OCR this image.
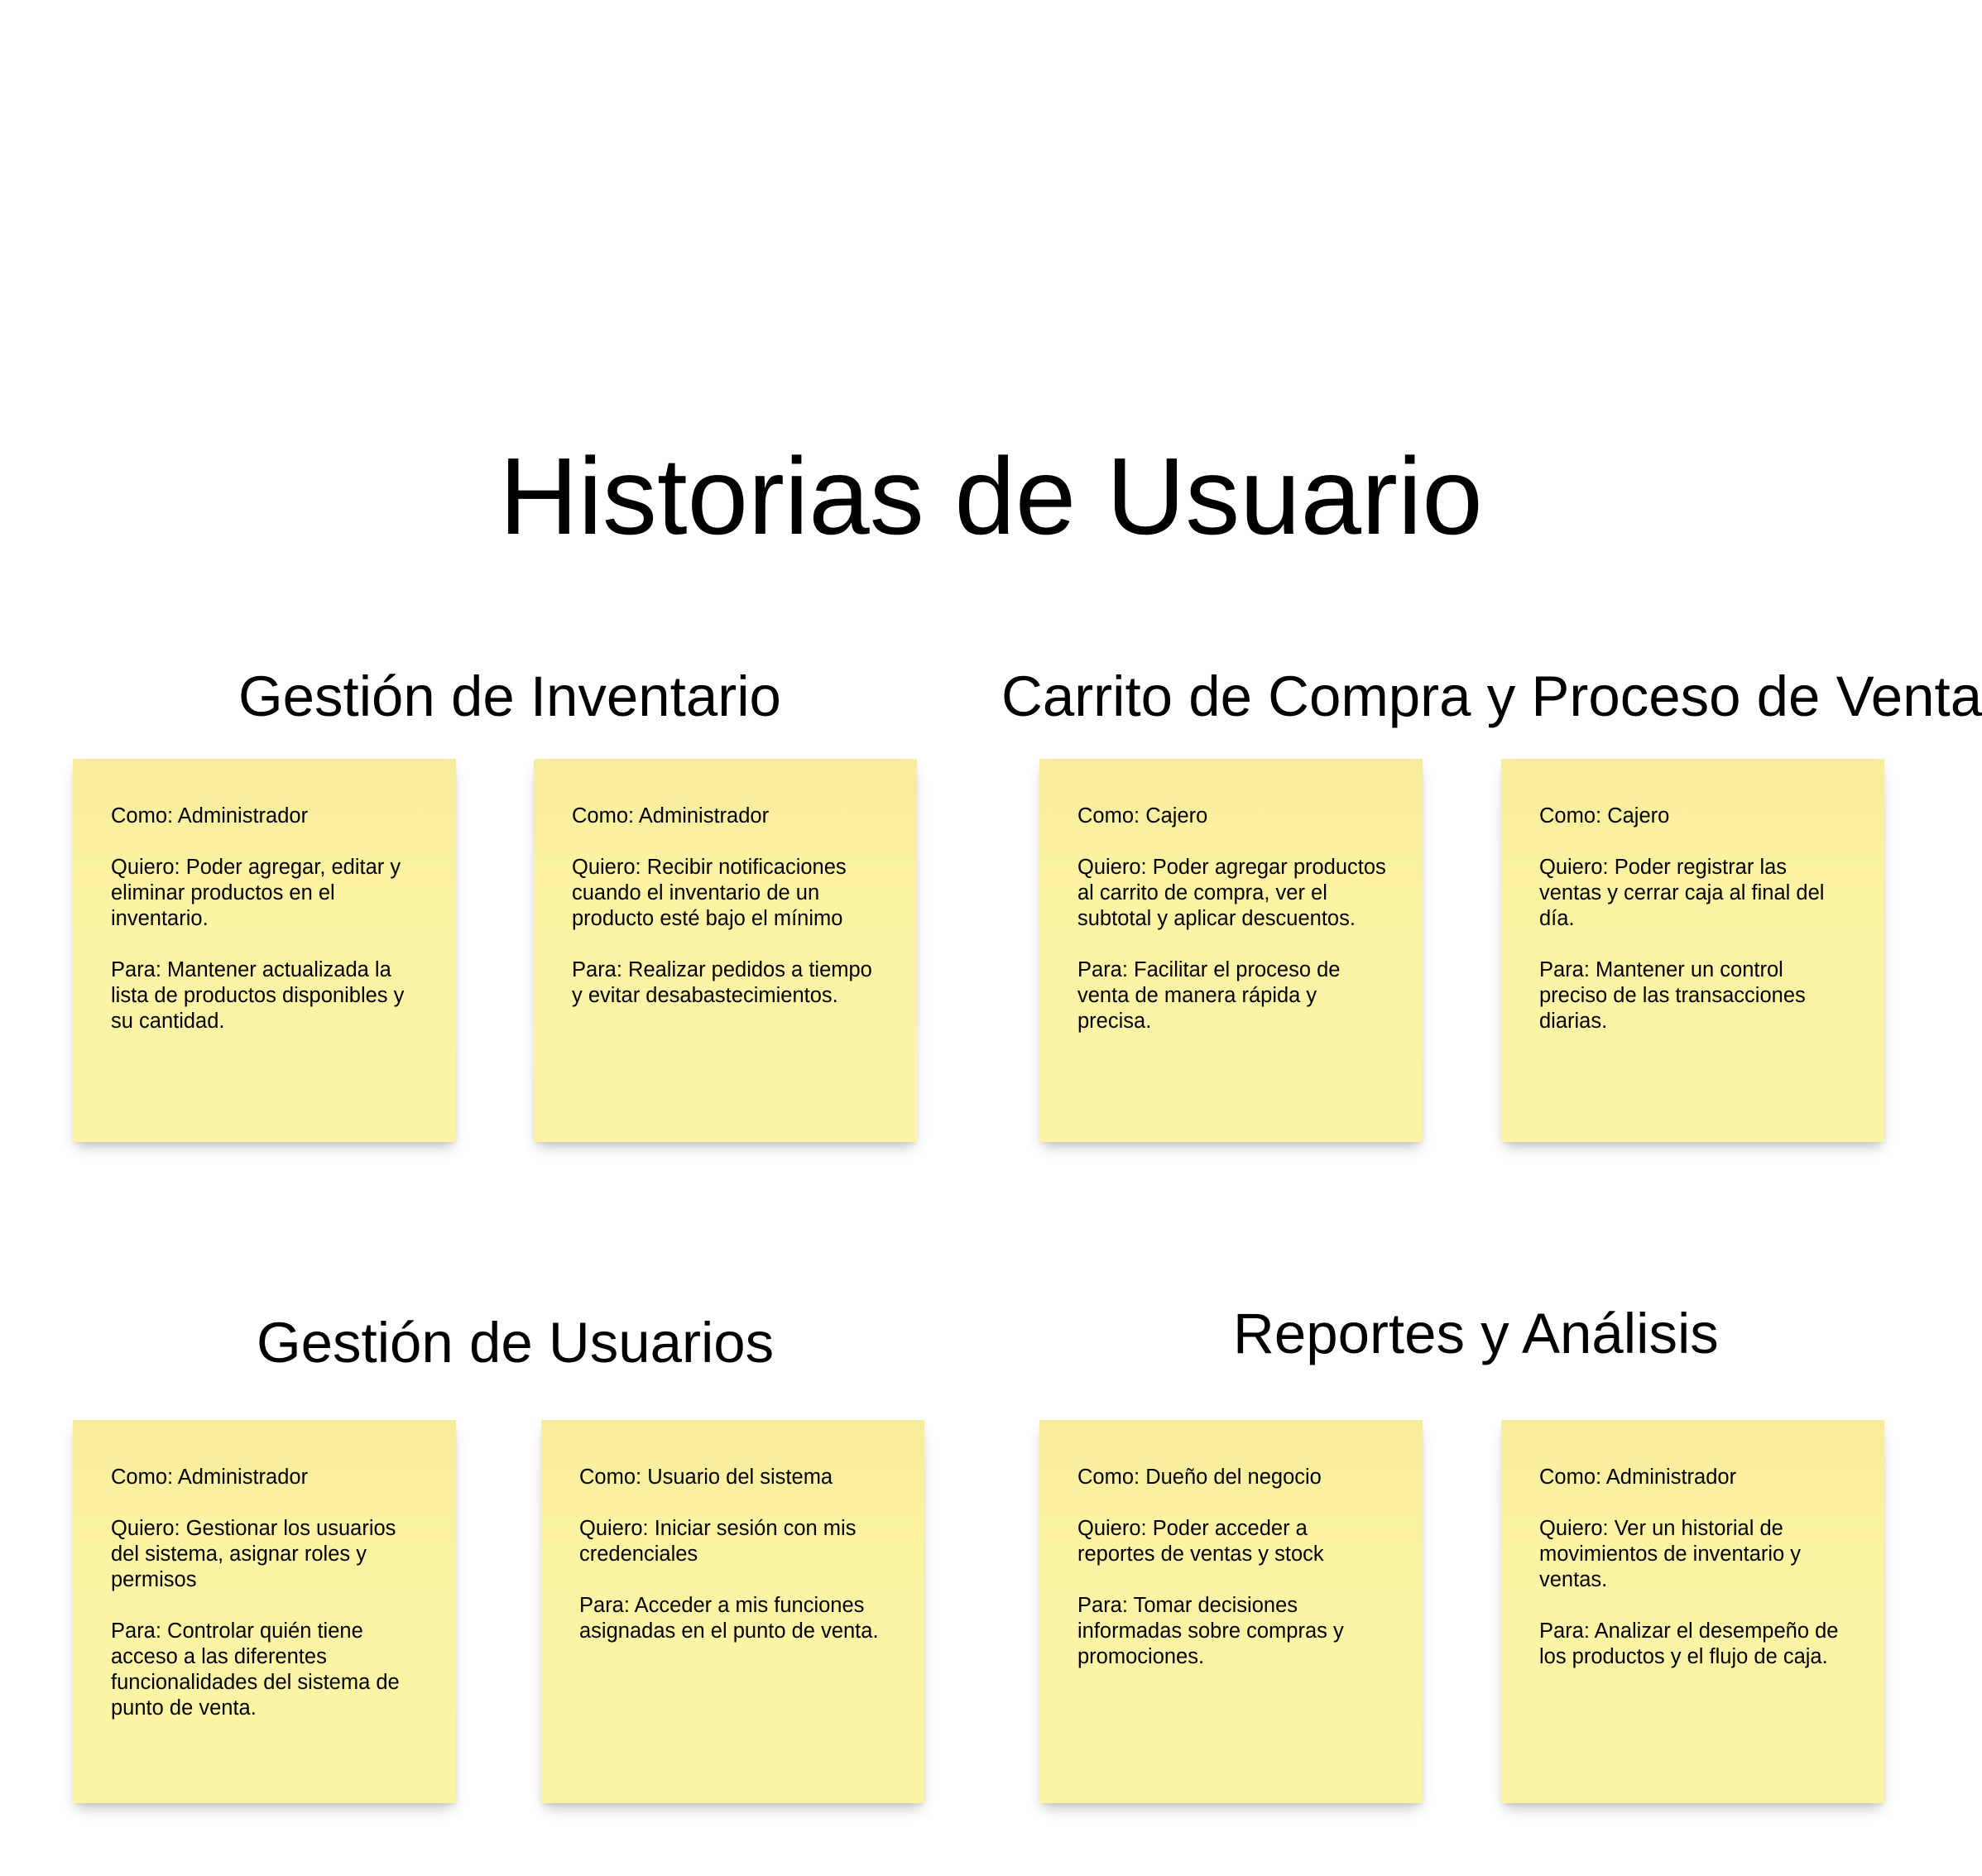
Historias de Usuario
Gestión de Inventario

Como: Administrador

Quiero: Poder agregar, editar y eliminar productos en el inventario.

Para: Mantener actualizada la lista de productos disponibles y su cantidad.

Como: Administrador

Quiero: Recibir notificaciones cuando el inventario de un producto esté bajo el mínimo

Para: Realizar pedidos a tiempo y evitar desabastecimientos.

Carrito de Compra y Proceso de Venta

Como: Cajero

Quiero: Poder agregar productos al carrito de compra, ver el subtotal y aplicar descuentos.

Para: Facilitar el proceso de venta de manera rápida y precisa.

Como: Cajero

Quiero: Poder registrar las ventas y cerrar caja al final del día.

Para: Mantener un control preciso de las transacciones diarias.

Gestión de Usuarios

Como: Administrador

Quiero: Gestionar los usuarios del sistema, asignar roles y permisos

Para: Controlar quién tiene acceso a las diferentes funcionalidades del sistema de punto de venta.

Como: Usuario del sistema

Quiero: Iniciar sesión con mis credenciales

Para: Acceder a mis funciones asignadas en el punto de venta.

Reportes y Análisis

Como: Dueño del negocio

Quiero: Poder acceder a reportes de ventas y stock

Para: Tomar decisiones informadas sobre compras y promociones.

Como: Administrador

Quiero: Ver un historial de movimientos de inventario y ventas.

Para: Analizar el desempeño de los productos y el flujo de caja.
